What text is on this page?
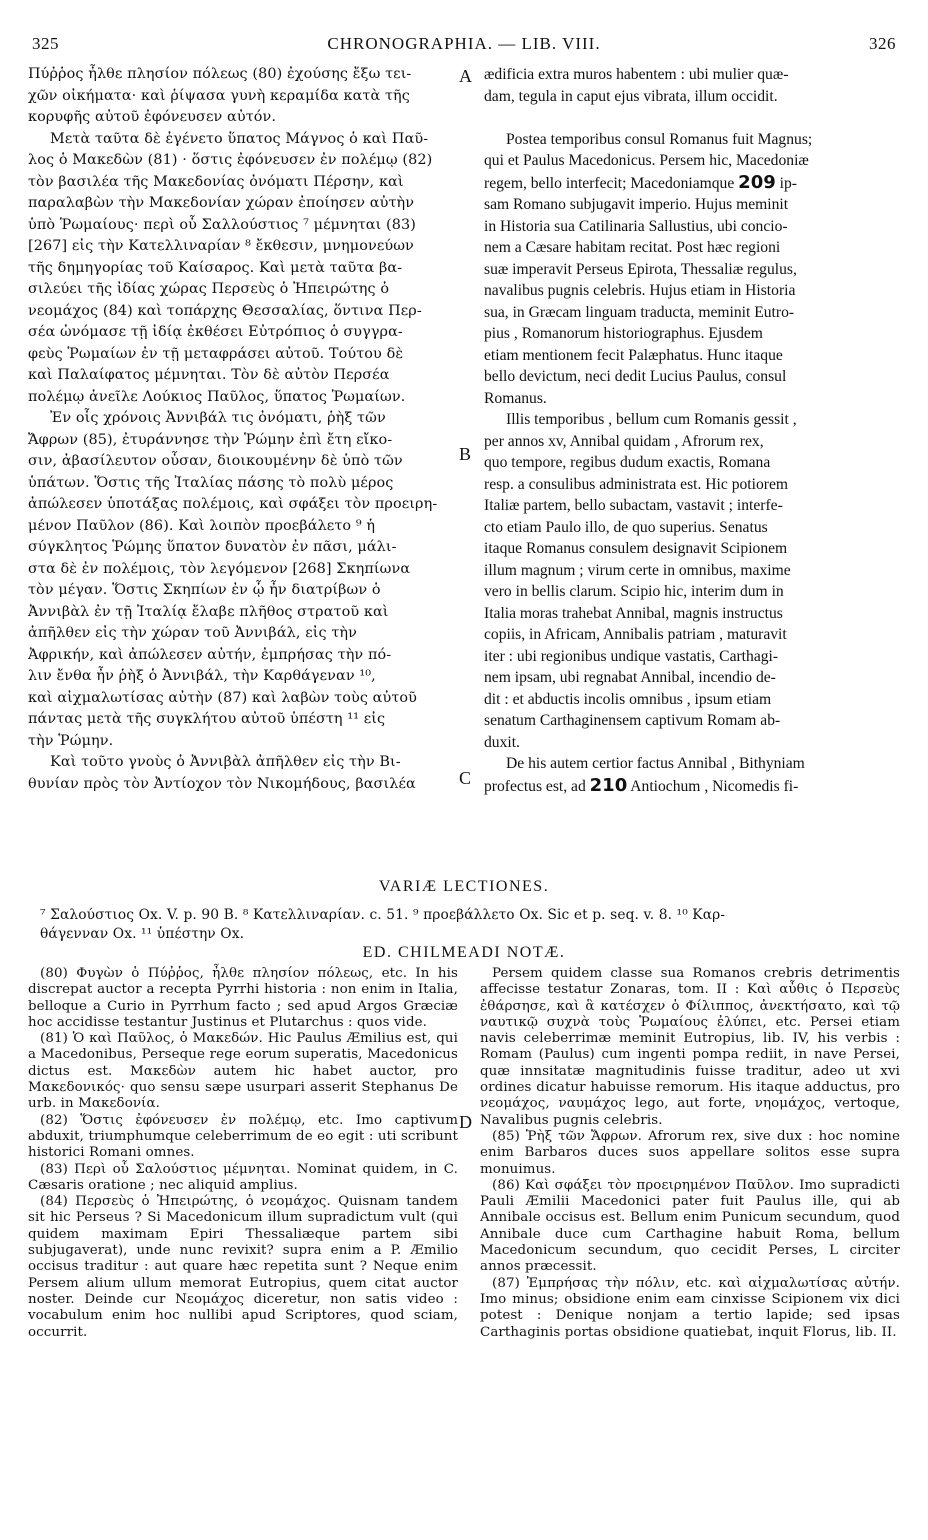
325	CHRONOGRAPHIA. — LIB. VIII.	326

Πύῤῥος ἦλθε πλησίον πόλεως (80) ἐχούσης ἔξω τει-

χῶν οἰκήματα· καὶ ῥίψασα γυνὴ κεραμίδα κατὰ τῆς

κορυφῆς αὐτοῦ ἐφόνευσεν αὐτόν.

Μετὰ ταῦτα δὲ ἐγένετο ὕπατος Μάγνος ὁ καὶ Παῦ-

λος ὁ Μακεδὼν (81) · ὅστις ἐφόνευσεν ἐν πολέμῳ (82)

τὸν βασιλέα τῆς Μακεδονίας ὀνόματι Πέρσην, καὶ

παραλαβὼν τὴν Μακεδονίαν χώραν ἐποίησεν αὐτὴν

ὑπὸ Ῥωμαίους· περὶ οὗ Σαλλούστιος ⁷ μέμνηται (83)

[267] εἰς τὴν Κατελλιναρίαν ⁸ ἔκθεσιν, μνημονεύων

τῆς δημηγορίας τοῦ Καίσαρος. Καὶ μετὰ ταῦτα βα-

σιλεύει τῆς ἰδίας χώρας Περσεὺς ὁ Ἠπειρώτης ὁ

νεομάχος (84) καὶ τοπάρχης Θεσσαλίας, ὅντινα Περ-

σέα ὠνόμασε τῇ ἰδίᾳ ἐκθέσει Εὐτρόπιος ὁ συγγρα-

φεὺς Ῥωμαίων ἐν τῇ μεταφράσει αὐτοῦ. Τούτου δὲ

καὶ Παλαίφατος μέμνηται. Τὸν δὲ αὐτὸν Περσέα

πολέμῳ ἀνεῖλε Λούκιος Παῦλος, ὕπατος Ῥωμαίων.

Ἐν οἷς χρόνοις Ἀννιβάλ τις ὀνόματι, ῥὴξ τῶν

Ἄφρων (85), ἐτυράννησε τὴν Ῥώμην ἐπὶ ἔτη εἴκο-

σιν, ἀβασίλευτον οὖσαν, διοικουμένην δὲ ὑπὸ τῶν

ὑπάτων. Ὅστις τῆς Ἰταλίας πάσης τὸ πολὺ μέρος

ἀπώλεσεν ὑποτάξας πολέμοις, καὶ σφάξει τὸν προειρη-

μένον Παῦλον (86). Καὶ λοιπὸν προεβάλετο ⁹ ἡ

σύγκλητος Ῥώμης ὕπατον δυνατὸν ἐν πᾶσι, μάλι-

στα δὲ ἐν πολέμοις, τὸν λεγόμενον [268] Σκηπίωνα

τὸν μέγαν. Ὅστις Σκηπίων ἐν ᾧ ἦν διατρίβων ὁ

Ἀννιβὰλ ἐν τῇ Ἰταλίᾳ ἔλαβε πλῆθος στρατοῦ καὶ

ἀπῆλθεν εἰς τὴν χώραν τοῦ Ἀννιβάλ, εἰς τὴν

Ἀφρικήν, καὶ ἀπώλεσεν αὐτήν, ἐμπρήσας τὴν πό-

λιν ἔνθα ἦν ῥὴξ ὁ Ἀννιβάλ, τὴν Καρθάγεναν ¹⁰,

καὶ αἰχμαλωτίσας αὐτὴν (87) καὶ λαβὼν τοὺς αὐτοῦ

πάντας μετὰ τῆς συγκλήτου αὐτοῦ ὑπέστη ¹¹ εἰς

τὴν Ῥώμην.

Καὶ τοῦτο γνοὺς ὁ Ἀννιβὰλ ἀπῆλθεν εἰς τὴν Βι-

θυνίαν πρὸς τὸν Ἀντίοχον τὸν Νικομήδους, βασιλέα

ædificia extra muros habentem : ubi mulier quæ-

dam, tegula in caput ejus vibrata, illum occidit.

Postea temporibus consul Romanus fuit Magnus;

qui et Paulus Macedonicus. Persem hic, Macedoniæ

regem, bello interfecit; Macedoniamque 209 ip-

sam Romano subjugavit imperio. Hujus meminit

in Historia sua Catilinaria Sallustius, ubi concio-

nem a Cæsare habitam recitat. Post hæc regioni

suæ imperavit Perseus Epirota, Thessaliæ regulus,

navalibus pugnis celebris. Hujus etiam in Historia

sua, in Græcam linguam traducta, meminit Eutro-

pius , Romanorum historiographus. Ejusdem

etiam mentionem fecit Palæphatus. Hunc itaque

bello devictum, neci dedit Lucius Paulus, consul

Romanus.

Illis temporibus , bellum cum Romanis gessit ,

per annos xv, Annibal quidam , Afrorum rex,

quo tempore, regibus dudum exactis, Romana

resp. a consulibus administrata est. Hic potiorem

Italiæ partem, bello subactam, vastavit ; interfe-

cto etiam Paulo illo, de quo superius. Senatus

itaque Romanus consulem designavit Scipionem

illum magnum ; virum certe in omnibus, maxime

vero in bellis clarum. Scipio hic, interim dum in

Italia moras trahebat Annibal, magnis instructus

copiis, in Africam, Annibalis patriam , maturavit

iter : ubi regionibus undique vastatis, Carthagi-

nem ipsam, ubi regnabat Annibal, incendio de-

dit : et abductis incolis omnibus , ipsum etiam

senatum Carthaginensem captivum Romam ab-

duxit.

De his autem certior factus Annibal , Bithyniam

profectus est, ad 210 Antiochum , Nicomedis fi-

A
B
C
D
VARIÆ LECTIONES.
⁷ Σαλούστιος Ox. V. p. 90 B. ⁸ Κατελλιναρίαν. c. 51. ⁹ προεβάλλετο Ox. Sic et p. seq. v. 8. ¹⁰ Καρ-
θάγενναν Ox. ¹¹ ὑπέστην Ox.
ED. CHILMEADI NOTÆ.

(80) Φυγὼν ὁ Πύῤῥος, ἦλθε πλησίον πόλεως, etc. In his discrepat auctor a recepta Pyrrhi historia : non enim in Italia, belloque a Curio in Pyrrhum facto ; sed apud Argos Græciæ hoc accidisse testantur Justinus et Plutarchus : quos vide.

(81) Ὁ καὶ Παῦλος, ὁ Μακεδών. Hic Paulus Æmilius est, qui a Macedonibus, Perseque rege eorum superatis, Macedonicus dictus est. Μακεδὼν autem hic habet auctor, pro Μακεδονικός· quo sensu sæpe usurpari asserit Stephanus De urb. in Μακεδονία.

(82) Ὅστις ἐφόνευσεν ἐν πολέμῳ, etc. Imo captivum abduxit, triumphumque celeberrimum de eo egit : uti scribunt historici Romani omnes.

(83) Περὶ οὗ Σαλούστιος μέμνηται. Nominat quidem, in C. Cæsaris oratione ; nec aliquid amplius.

(84) Περσεὺς ὁ Ἠπειρώτης, ὁ νεομάχος. Quisnam tandem sit hic Perseus ? Si Macedonicum illum supradictum vult (qui quidem maximam Epiri Thessaliæque partem sibi subjugaverat), unde nunc revixit? supra enim a P. Æmilio occisus traditur : aut quare hæc repetita sunt ? Neque enim Persem alium ullum memorat Eutropius, quem citat auctor noster. Deinde cur Νεομάχος diceretur, non satis video : vocabulum enim hoc nullibi apud Scriptores, quod sciam, occurrit.

Persem quidem classe sua Romanos crebris detrimentis affecisse testatur Zonaras, tom. II : Καὶ αὖθις ὁ Περσεὺς ἐθάρσησε, καὶ ἃ κατέσχεν ὁ Φίλιππος, ἀνεκτήσατο, καὶ τῷ ναυτικῷ συχνὰ τοὺς Ῥωμαίους ἐλύπει, etc. Persei etiam navis celeberrimæ meminit Eutropius, lib. IV, his verbis : Romam (Paulus) cum ingenti pompa rediit, in nave Persei, quæ innsitatæ magnitudinis fuisse traditur, adeo ut xvi ordines dicatur habuisse remorum. His itaque adductus, pro νεομάχος, ναυμάχος lego, aut forte, νηομάχος, vertoque, Navalibus pugnis celebris.

(85) Ῥὴξ τῶν Ἄφρων. Afrorum rex, sive dux : hoc nomine enim Barbaros duces suos appellare solitos esse supra monuimus.

(86) Καὶ σφάξει τὸν προειρημένον Παῦλον. Imo supradicti Pauli Æmilii Macedonici pater fuit Paulus ille, qui ab Annibale occisus est. Bellum enim Punicum secundum, quod Annibale duce cum Carthagine habuit Roma, bellum Macedonicum secundum, quo cecidit Perses, L circiter annos præcessit.

(87) Ἐμπρήσας τὴν πόλιν, etc. καὶ αἰχμαλωτίσας αὐτήν. Imo minus; obsidione enim eam cinxisse Scipionem vix dici potest : Denique nonjam a tertio lapide; sed ipsas Carthaginis portas obsidione quatiebat, inquit Florus, lib. II.
